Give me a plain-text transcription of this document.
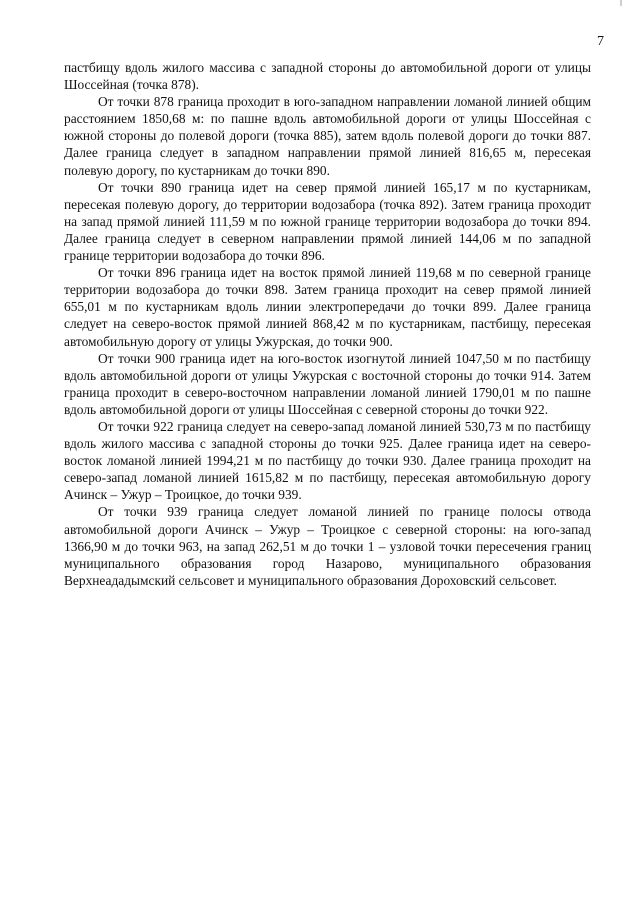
7

пастбищу вдоль жилого массива с западной стороны до автомобильной дороги от улицы Шоссейная (точка 878).

От точки 878 граница проходит в юго-западном направлении ломаной линией общим расстоянием 1850,68 м: по пашне вдоль автомобильной дороги от улицы Шоссейная с южной стороны до полевой дороги (точка 885), затем вдоль полевой дороги до точки 887. Далее граница следует в западном направлении прямой линией 816,65 м, пересекая полевую дорогу, по кустарникам до точки 890.

От точки 890 граница идет на север прямой линией 165,17 м по кустарникам, пересекая полевую дорогу, до территории водозабора (точка 892). Затем граница проходит на запад прямой линией 111,59 м по южной границе территории водозабора до точки 894. Далее граница следует в северном направлении прямой линией 144,06 м по западной границе территории водозабора до точки 896.

От точки 896 граница идет на восток прямой линией 119,68 м по северной границе территории водозабора до точки 898. Затем граница проходит на север прямой линией 655,01 м по кустарникам вдоль линии электропередачи до точки 899. Далее граница следует на северо-восток прямой линией 868,42 м по кустарникам, пастбищу, пересекая автомобильную дорогу от улицы Ужурская, до точки 900.

От точки 900 граница идет на юго-восток изогнутой линией 1047,50 м по пастбищу вдоль автомобильной дороги от улицы Ужурская с восточной стороны до точки 914. Затем граница проходит в северо-восточном направлении ломаной линией 1790,01 м по пашне вдоль автомобильной дороги от улицы Шоссейная с северной стороны до точки 922.

От точки 922 граница следует на северо-запад ломаной линией 530,73 м по пастбищу вдоль жилого массива с западной стороны до точки 925. Далее граница идет на северо-восток ломаной линией 1994,21 м по пастбищу до точки 930. Далее граница проходит на северо-запад ломаной линией 1615,82 м по пастбищу, пересекая автомобильную дорогу Ачинск – Ужур – Троицкое, до точки 939.

От точки 939 граница следует ломаной линией по границе полосы отвода автомобильной дороги Ачинск – Ужур – Троицкое с северной стороны: на юго-запад 1366,90 м до точки 963, на запад 262,51 м до точки 1 – узловой точки пересечения границ муниципального образования город Назарово, муниципального образования Верхнеададымский сельсовет и муниципального образования Дороховский сельсовет.
